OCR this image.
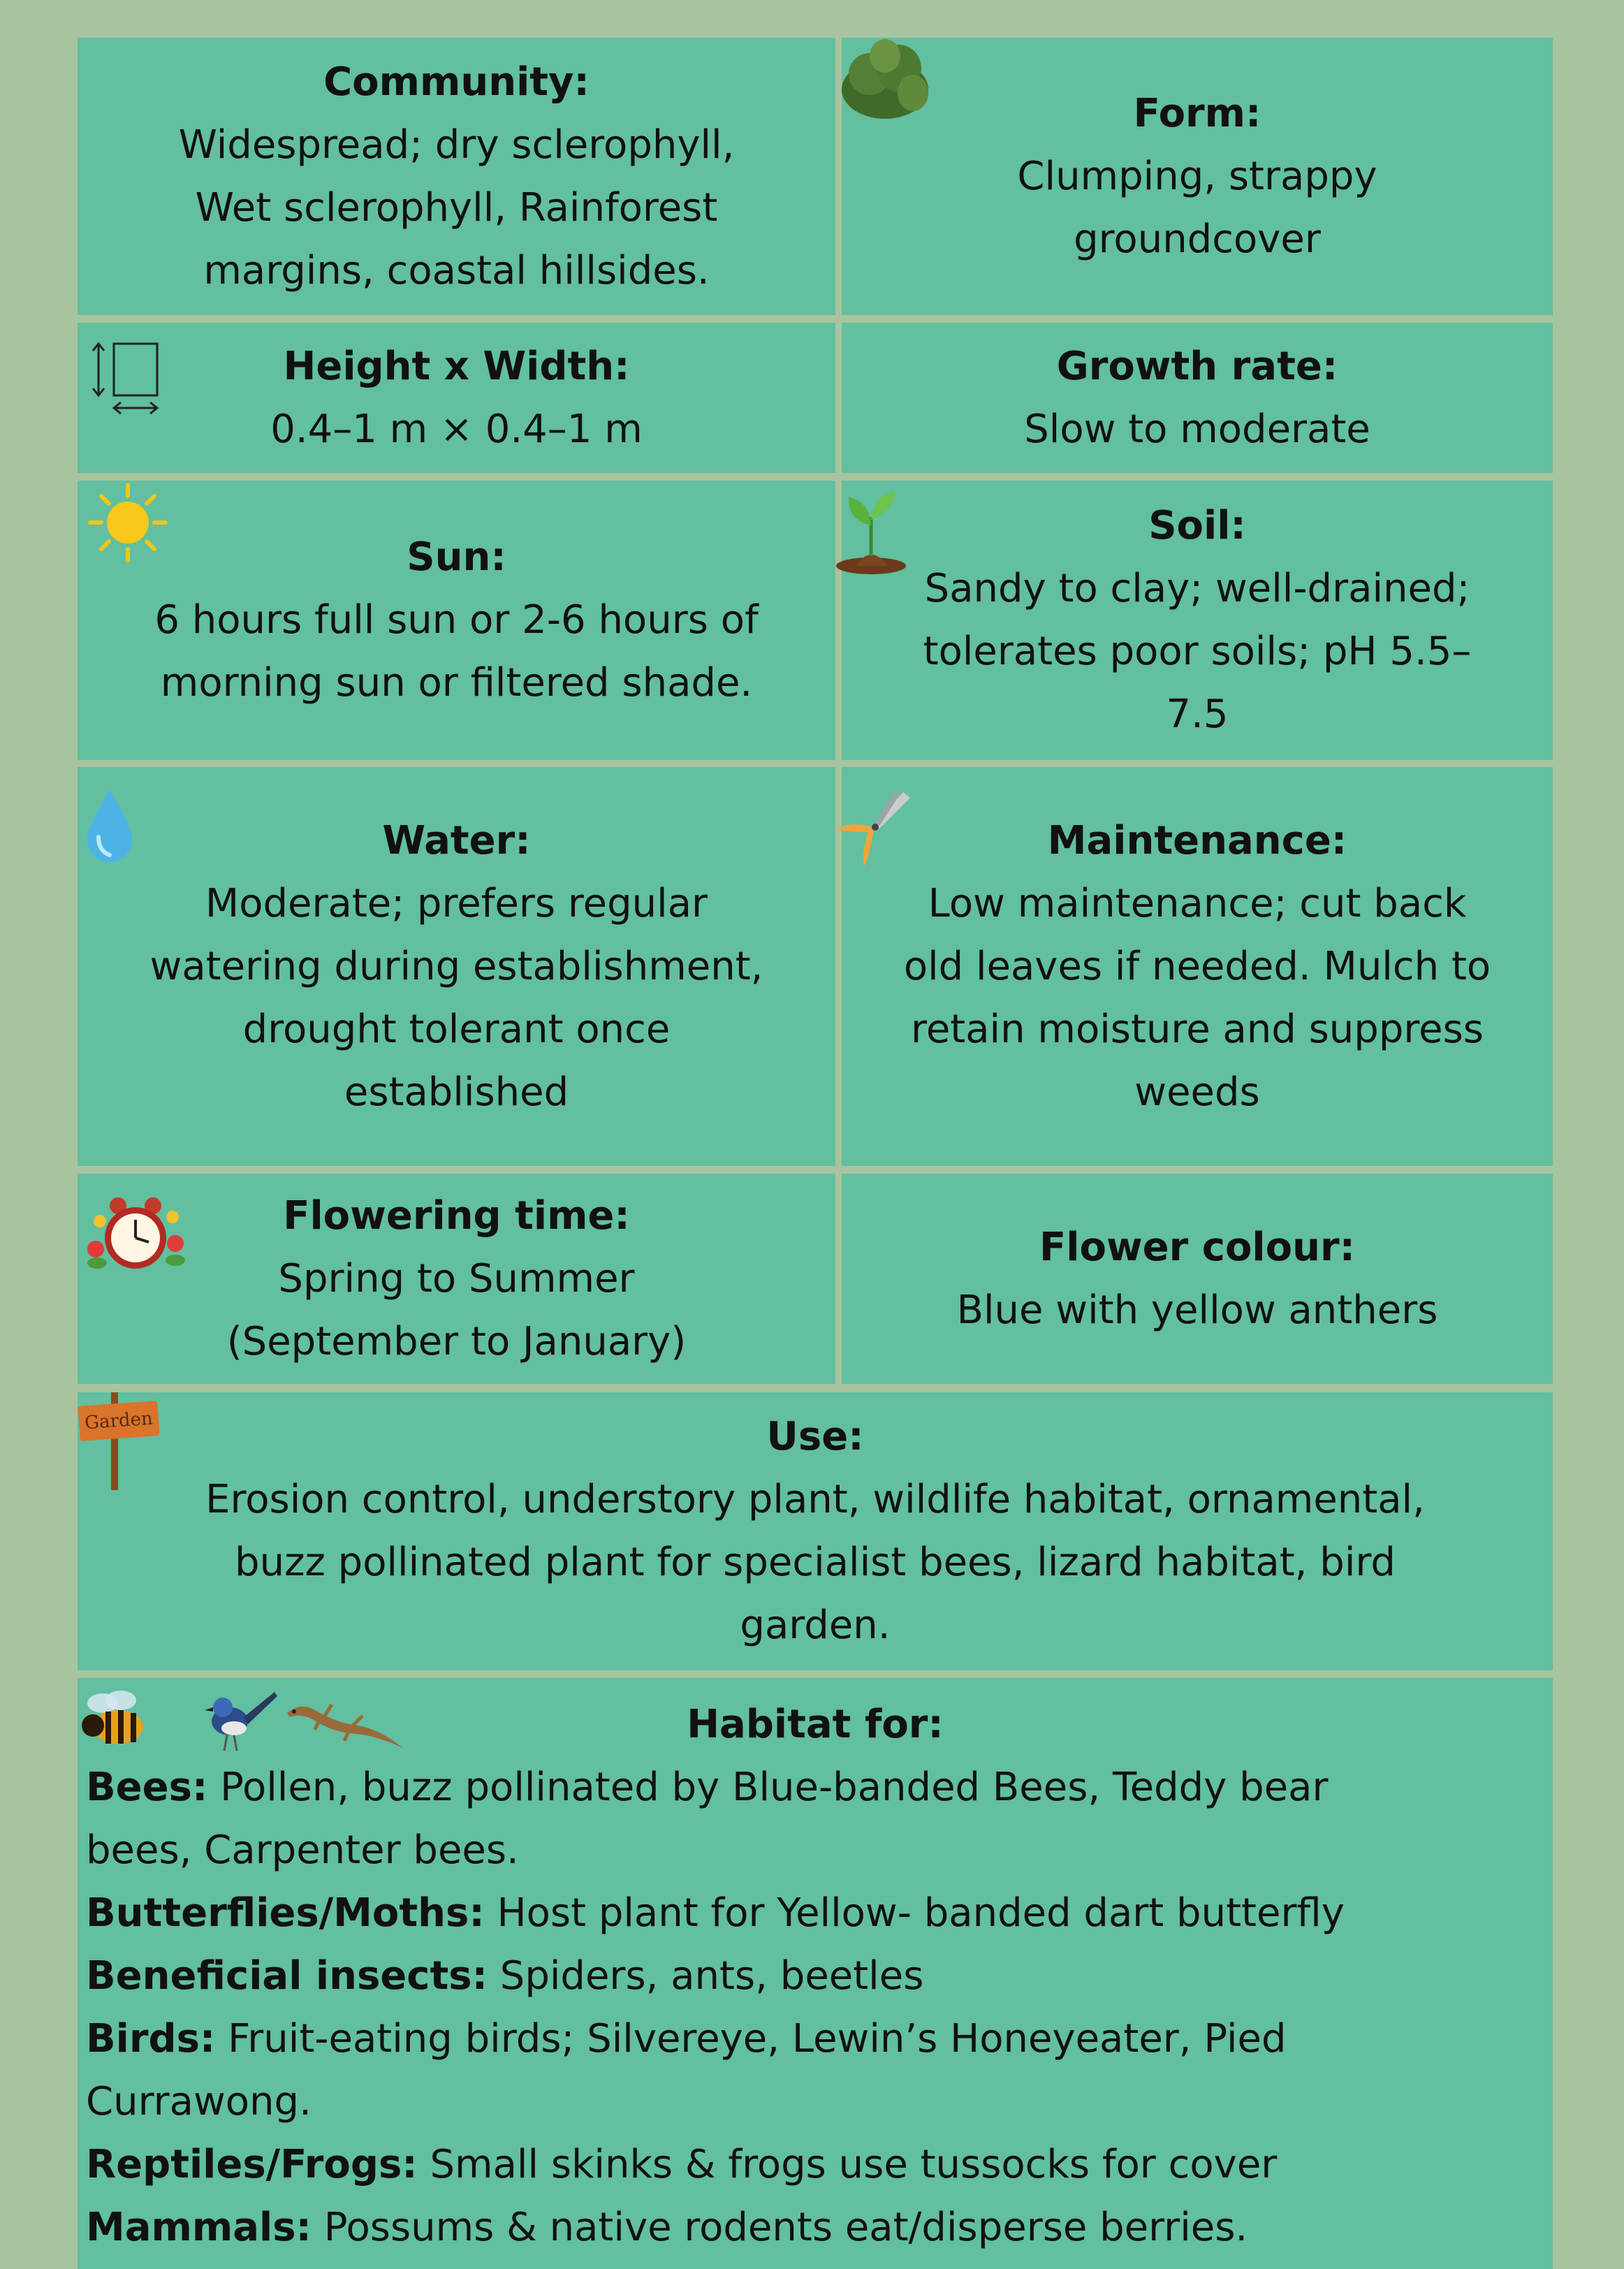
Community:
Widespread; dry sclerophyll,
Wet sclerophyll, Rainforest
margins, coastal hillsides.
Form:
Clumping, strappy
groundcover
Height x Width:
0.4–1 m × 0.4–1 m
Growth rate:
Slow to moderate
Sun:
6 hours full sun or 2-6 hours of
morning sun or filtered shade.
Soil:
Sandy to clay; well-drained;
tolerates poor soils; pH 5.5–
7.5
Water:
Moderate; prefers regular
watering during establishment,
drought tolerant once
established
Maintenance:
Low maintenance; cut back
old leaves if needed. Mulch to
retain moisture and suppress
weeds
Flowering time:
Spring to Summer
(September to January)
Flower colour:
Blue with yellow anthers
Garden	Use:
Erosion control, understory plant, wildlife habitat, ornamental,
buzz pollinated plant for specialist bees, lizard habitat, bird
garden.
Habitat for:
Bees: Pollen, buzz pollinated by Blue-banded Bees, Teddy bear
bees, Carpenter bees.
Butterflies/Moths: Host plant for Yellow- banded dart butterfly
Beneficial insects: Spiders, ants, beetles
Birds: Fruit-eating birds; Silvereye, Lewin’s Honeyeater, Pied
Currawong.
Reptiles/Frogs: Small skinks & frogs use tussocks for cover
Mammals: Possums & native rodents eat/disperse berries.
